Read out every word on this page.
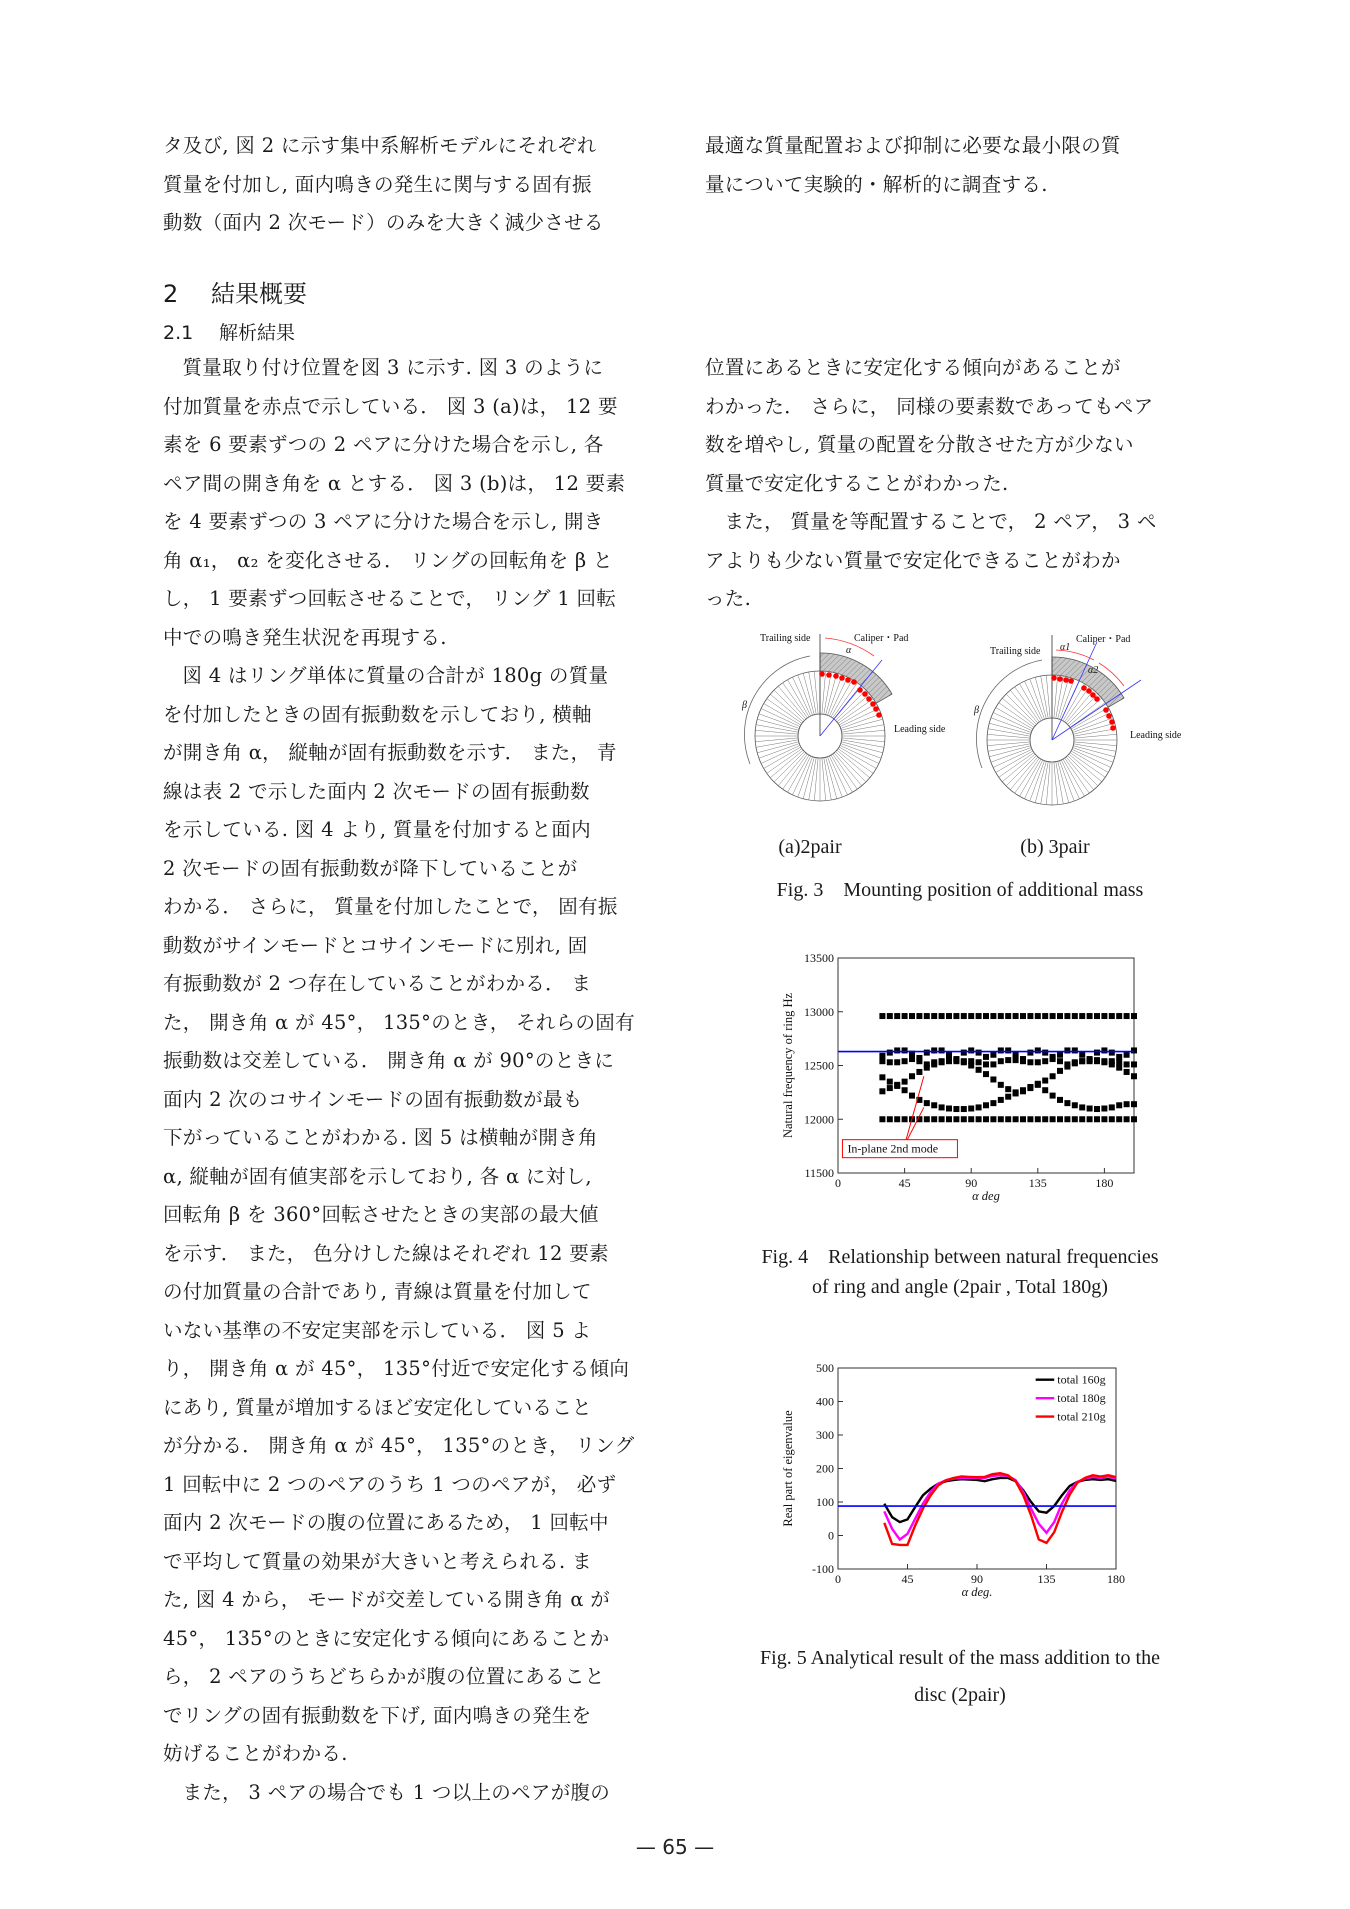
タ及び, 図 2 に示す集中系解析モデルにそれぞれ

質量を付加し, 面内鳴きの発生に関与する固有振

動数（面内 2 次モード）のみを大きく減少させる

最適な質量配置および抑制に必要な最小限の質

量について実験的・解析的に調査する.

2 結果概要
2.1 解析結果

質量取り付け位置を図 3 に示す. 図 3 のように

付加質量を赤点で示している． 図 3 (a)は， 12 要

素を 6 要素ずつの 2 ペアに分けた場合を示し, 各

ペア間の開き角を α とする． 図 3 (b)は， 12 要素

を 4 要素ずつの 3 ペアに分けた場合を示し, 開き

角 α₁， α₂ を変化させる． リングの回転角を β と

し， 1 要素ずつ回転させることで， リング 1 回転

中での鳴き発生状況を再現する.

図 4 はリング単体に質量の合計が 180g の質量

を付加したときの固有振動数を示しており, 横軸

が開き角 α， 縦軸が固有振動数を示す． また， 青

線は表 2 で示した面内 2 次モードの固有振動数

を示している. 図 4 より, 質量を付加すると面内

2 次モードの固有振動数が降下していることが

わかる． さらに， 質量を付加したことで， 固有振

動数がサインモードとコサインモードに別れ, 固

有振動数が 2 つ存在していることがわかる． ま

た， 開き角 α が 45°， 135°のとき， それらの固有

振動数は交差している． 開き角 α が 90°のときに

面内 2 次のコサインモードの固有振動数が最も

下がっていることがわかる. 図 5 は横軸が開き角

α, 縦軸が固有値実部を示しており, 各 α に対し,

回転角 β を 360°回転させたときの実部の最大値

を示す． また， 色分けした線はそれぞれ 12 要素

の付加質量の合計であり, 青線は質量を付加して

いない基準の不安定実部を示している． 図 5 よ

り， 開き角 α が 45°， 135°付近で安定化する傾向

にあり, 質量が増加するほど安定化していること

が分かる． 開き角 α が 45°， 135°のとき， リング

1 回転中に 2 つのペアのうち 1 つのペアが， 必ず

面内 2 次モードの腹の位置にあるため， 1 回転中

で平均して質量の効果が大きいと考えられる. ま

た, 図 4 から， モードが交差している開き角 α が

45°， 135°のときに安定化する傾向にあることか

ら， 2 ペアのうちどちらかが腹の位置にあること

でリングの固有振動数を下げ, 面内鳴きの発生を

妨げることがわかる.

また， 3 ペアの場合でも 1 つ以上のペアが腹の

位置にあるときに安定化する傾向があることが

わかった． さらに， 同様の要素数であってもペア

数を増やし, 質量の配置を分散させた方が少ない

質量で安定化することがわかった.

また， 質量を等配置することで， 2 ペア， 3 ペ

アよりも少ない質量で安定化できることがわか

った.

Trailing side	Caliper・Pad
α
β
Leading side
Trailing side
Caliper・Pad
α1
α2
β
Leading side
(a)2pair	(b) 3pair
Fig. 3　Mounting position of additional mass
11500
12000
12500
13000
13500
0	45	90	135	180
α deg
Natural frequency of ring Hz
In-plane 2nd mode
Fig. 4　Relationship between natural frequencies
of ring and angle (2pair , Total 180g)
-100
0
100
200
300
400
500
0	45	90	135	180
α deg.
Real part of eigenvalue
total 160g
total 180g
total 210g
Fig. 5 Analytical result of the mass addition to the
disc (2pair)
— 65 —
